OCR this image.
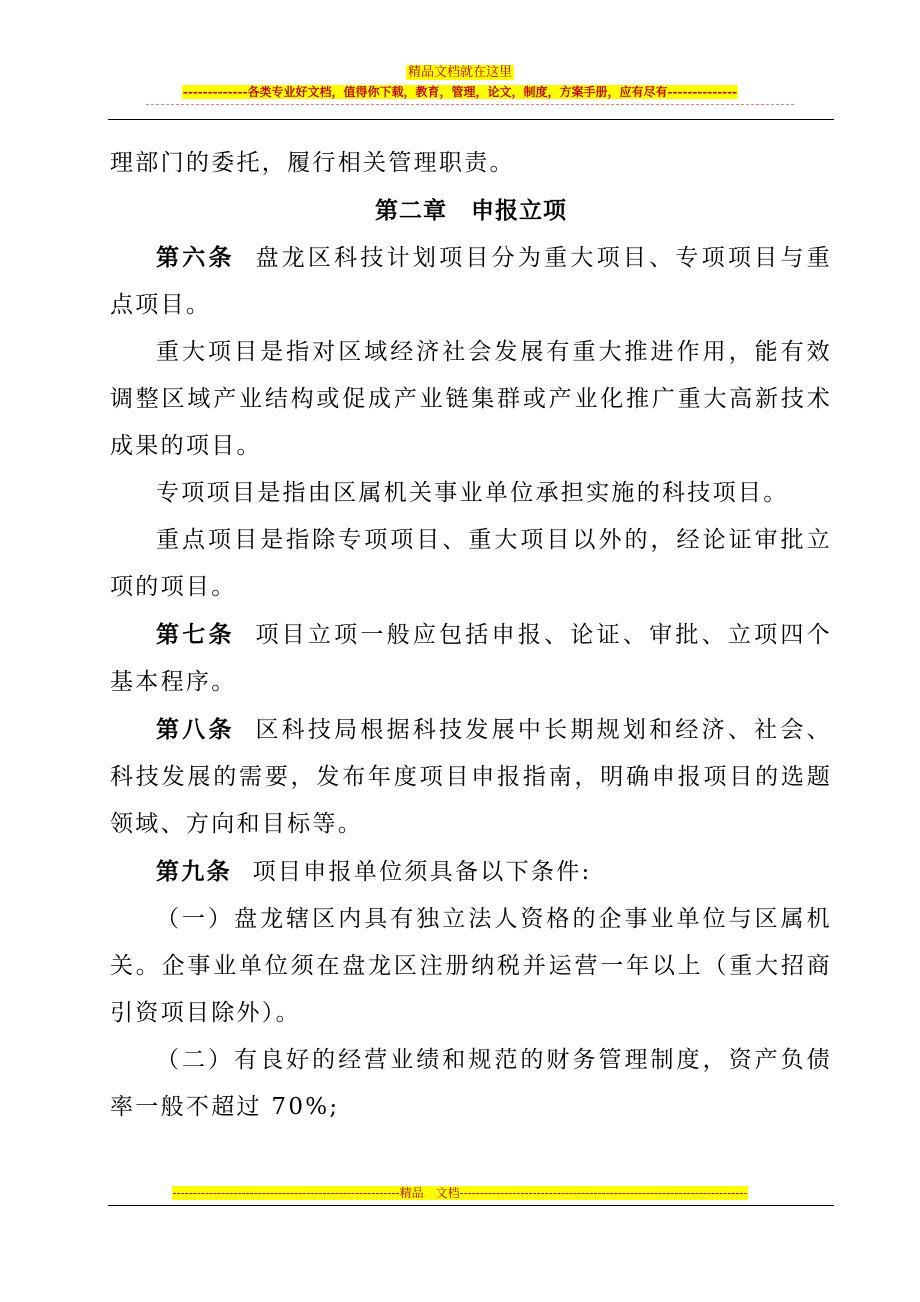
精品文档就在这里
-------------各类专业好文档，值得你下载，教育，管理，论文，制度，方案手册，应有尽有--------------

理部门的委托，履行相关管理职责。

第二章　申报立项

第六条 盘龙区科技计划项目分为重大项目、专项项目与重点项目。

重大项目是指对区域经济社会发展有重大推进作用，能有效调整区域产业结构或促成产业链集群或产业化推广重大高新技术成果的项目。

专项项目是指由区属机关事业单位承担实施的科技项目。

重点项目是指除专项项目、重大项目以外的，经论证审批立项的项目。

第七条 项目立项一般应包括申报、论证、审批、立项四个基本程序。

第八条 区科技局根据科技发展中长期规划和经济、社会、科技发展的需要，发布年度项目申报指南，明确申报项目的选题领域、方向和目标等。

第九条 项目申报单位须具备以下条件:

（一）盘龙辖区内具有独立法人资格的企事业单位与区属机关。企事业单位须在盘龙区注册纳税并运营一年以上（重大招商引资项目除外）。

（二）有良好的经营业绩和规范的财务管理制度，资产负债率一般不超过 70%;

--------------------------------------------------------精品　文档-----------------------------------------------------------------------
